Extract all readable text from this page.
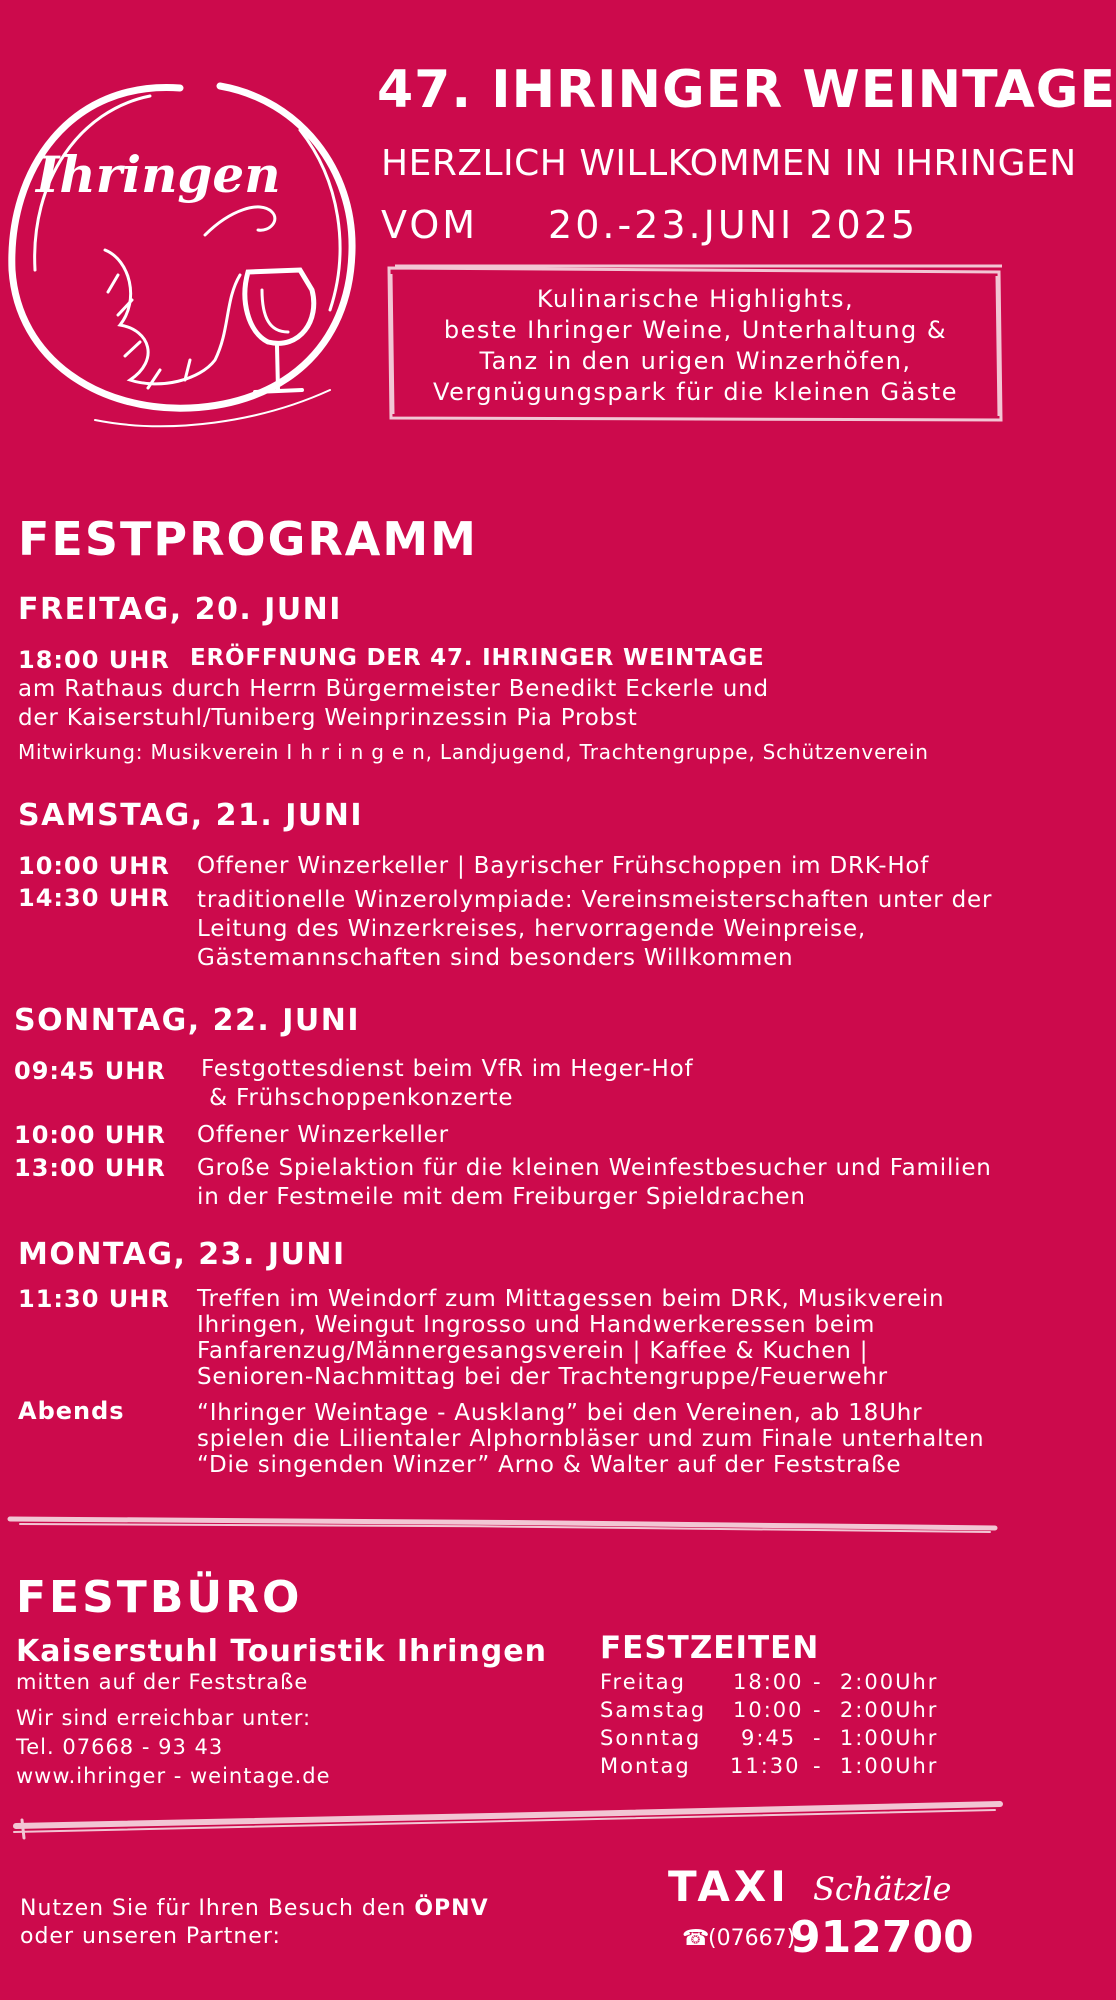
Ihringen
47. IHRINGER WEINTAGE
HERZLICH WILLKOMMEN IN IHRINGEN
VOM 20.-23.JUNI 2025
Kulinarische Highlights,
beste Ihringer Weine, Unterhaltung &
Tanz in den urigen Winzerhöfen,
Vergnügungspark für die kleinen Gäste
FESTPROGRAMM
FREITAG, 20. JUNI
18:00 UHR ERÖFFNUNG DER 47. IHRINGER WEINTAGE
am Rathaus durch Herrn Bürgermeister Benedikt Eckerle und
der Kaiserstuhl/Tuniberg Weinprinzessin Pia Probst
Mitwirkung: Musikverein I h r i n g e n, Landjugend, Trachtengruppe, Schützenverein
SAMSTAG, 21. JUNI
10:00 UHR Offener Winzerkeller | Bayrischer Frühschoppen im DRK-Hof
14:30 UHR traditionelle Winzerolympiade: Vereinsmeisterschaften unter der
Leitung des Winzerkreises, hervorragende Weinpreise,
Gästemannschaften sind besonders Willkommen
SONNTAG, 22. JUNI
09:45 UHR Festgottesdienst beim VfR im Heger-Hof
& Frühschoppenkonzerte
10:00 UHR Offener Winzerkeller
13:00 UHR Große Spielaktion für die kleinen Weinfestbesucher und Familien
in der Festmeile mit dem Freiburger Spieldrachen
MONTAG, 23. JUNI
11:30 UHR Treffen im Weindorf zum Mittagessen beim DRK, Musikverein
Ihringen, Weingut Ingrosso und Handwerkeressen beim
Fanfarenzug/Männergesangsverein | Kaffee & Kuchen |
Senioren-Nachmittag bei der Trachtengruppe/Feuerwehr
Abends	“Ihringer Weintage - Ausklang” bei den Vereinen, ab 18Uhr
spielen die Lilientaler Alphornbläser und zum Finale unterhalten
“Die singenden Winzer” Arno & Walter auf der Feststraße
FESTBÜRO
Kaiserstuhl Touristik Ihringen
mitten auf der Feststraße
Wir sind erreichbar unter:
Tel. 07668 - 93 43
www.ihringer - weintage.de
FESTZEITEN
Freitag 18:00 -  2:00Uhr
Samstag 10:00 -  2:00Uhr
Sonntag 9:45 -  1:00Uhr
Montag 11:30 -  1:00Uhr
Nutzen Sie für Ihren Besuch den ÖPNV
oder unseren Partner:
TAXI Schätzle
☎
(07667)
912700
